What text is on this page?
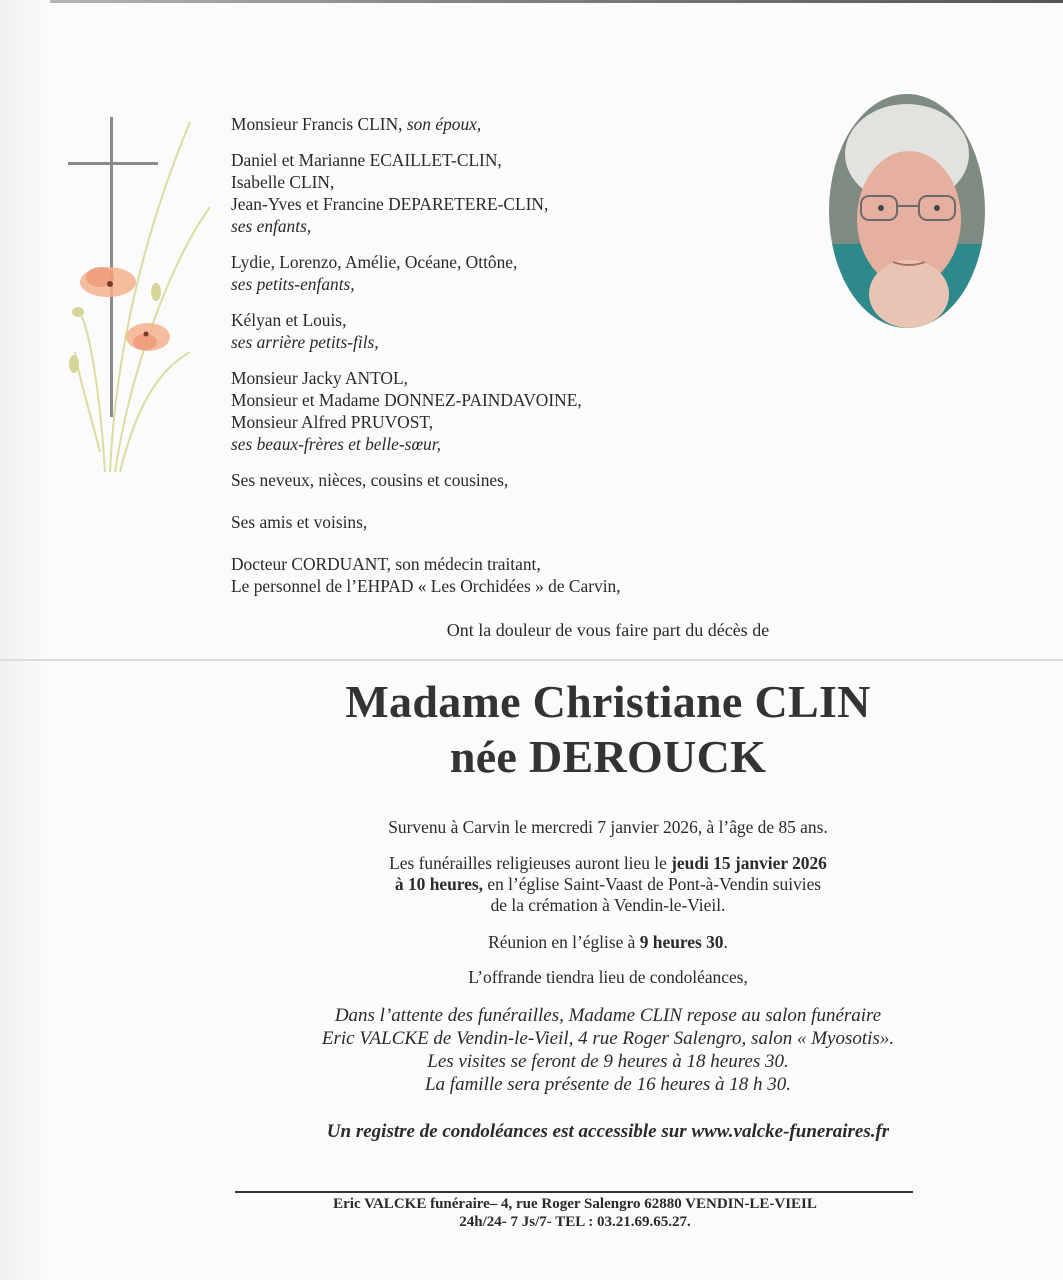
Monsieur Francis CLIN, son époux,
Daniel et Marianne ECAILLET-CLIN,
Isabelle CLIN,
Jean-Yves et Francine DEPARETERE-CLIN,
ses enfants,
Lydie, Lorenzo, Amélie, Océane, Ottône,
ses petits-enfants,
Kélyan et Louis,
ses arrière petits-fils,
Monsieur Jacky ANTOL,
Monsieur et Madame DONNEZ-PAINDAVOINE,
Monsieur Alfred PRUVOST,
ses beaux-frères et belle-sœur,
Ses neveux, nièces, cousins et cousines,
Ses amis et voisins,
Docteur CORDUANT, son médecin traitant,
Le personnel de l’EHPAD « Les Orchidées » de Carvin,
Ont la douleur de vous faire part du décès de
Madame Christiane CLIN
née DEROUCK
Survenu à Carvin le mercredi 7 janvier 2026, à l’âge de 85 ans.
Les funérailles religieuses auront lieu le jeudi 15 janvier 2026
à 10 heures, en l’église Saint-Vaast de Pont-à-Vendin suivies
de la crémation à Vendin-le-Vieil.
Réunion en l’église à 9 heures 30.
L’offrande tiendra lieu de condoléances,
Dans l’attente des funérailles, Madame CLIN repose au salon funéraire
Eric VALCKE de Vendin-le-Vieil, 4 rue Roger Salengro, salon « Myosotis».
Les visites se feront de 9 heures à 18 heures 30.
La famille sera présente de 16 heures à 18 h 30.
Un registre de condoléances est accessible sur www.valcke-funeraires.fr
Eric VALCKE funéraire– 4, rue Roger Salengro 62880 VENDIN-LE-VIEIL
24h/24- 7 Js/7- TEL : 03.21.69.65.27.
